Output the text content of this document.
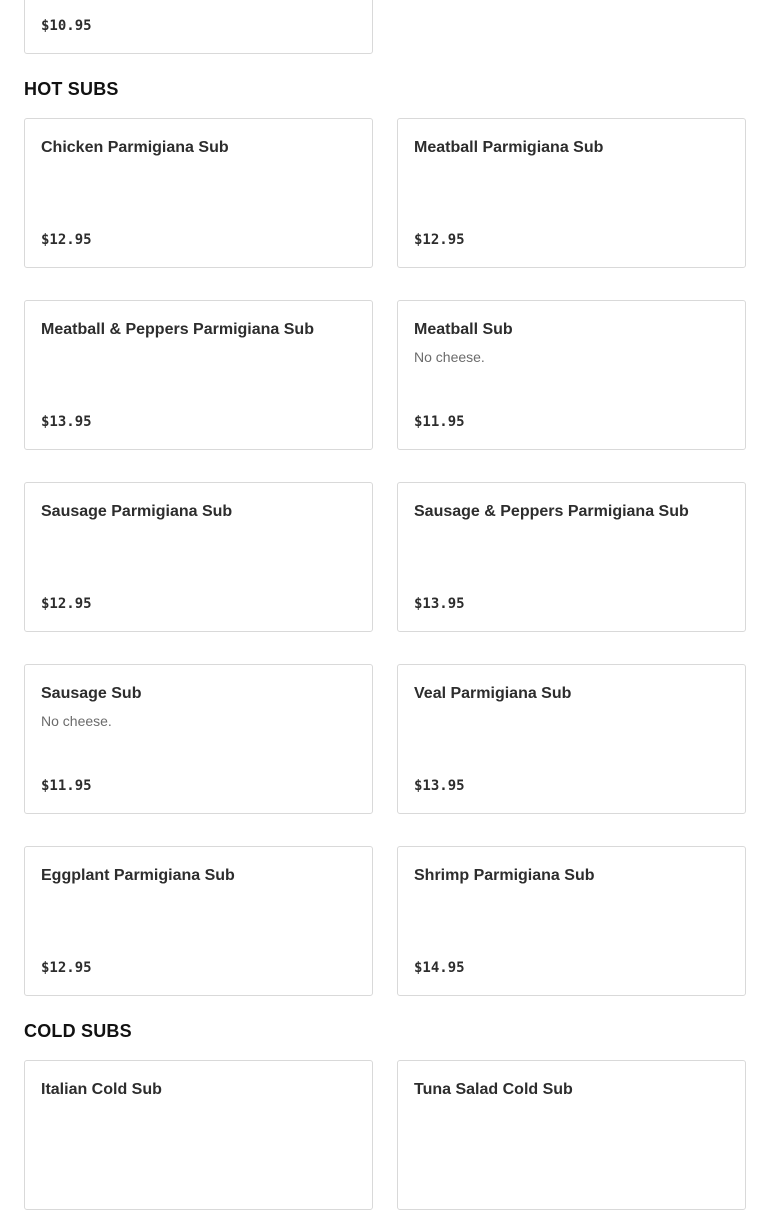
$10.95
HOT SUBS
Chicken Parmigiana Sub
$12.95
Meatball Parmigiana Sub
$12.95
Meatball & Peppers Parmigiana Sub
$13.95
Meatball Sub
No cheese.
$11.95
Sausage Parmigiana Sub
$12.95
Sausage & Peppers Parmigiana Sub
$13.95
Sausage Sub
No cheese.
$11.95
Veal Parmigiana Sub
$13.95
Eggplant Parmigiana Sub
$12.95
Shrimp Parmigiana Sub
$14.95
COLD SUBS
Italian Cold Sub	Tuna Salad Cold Sub
